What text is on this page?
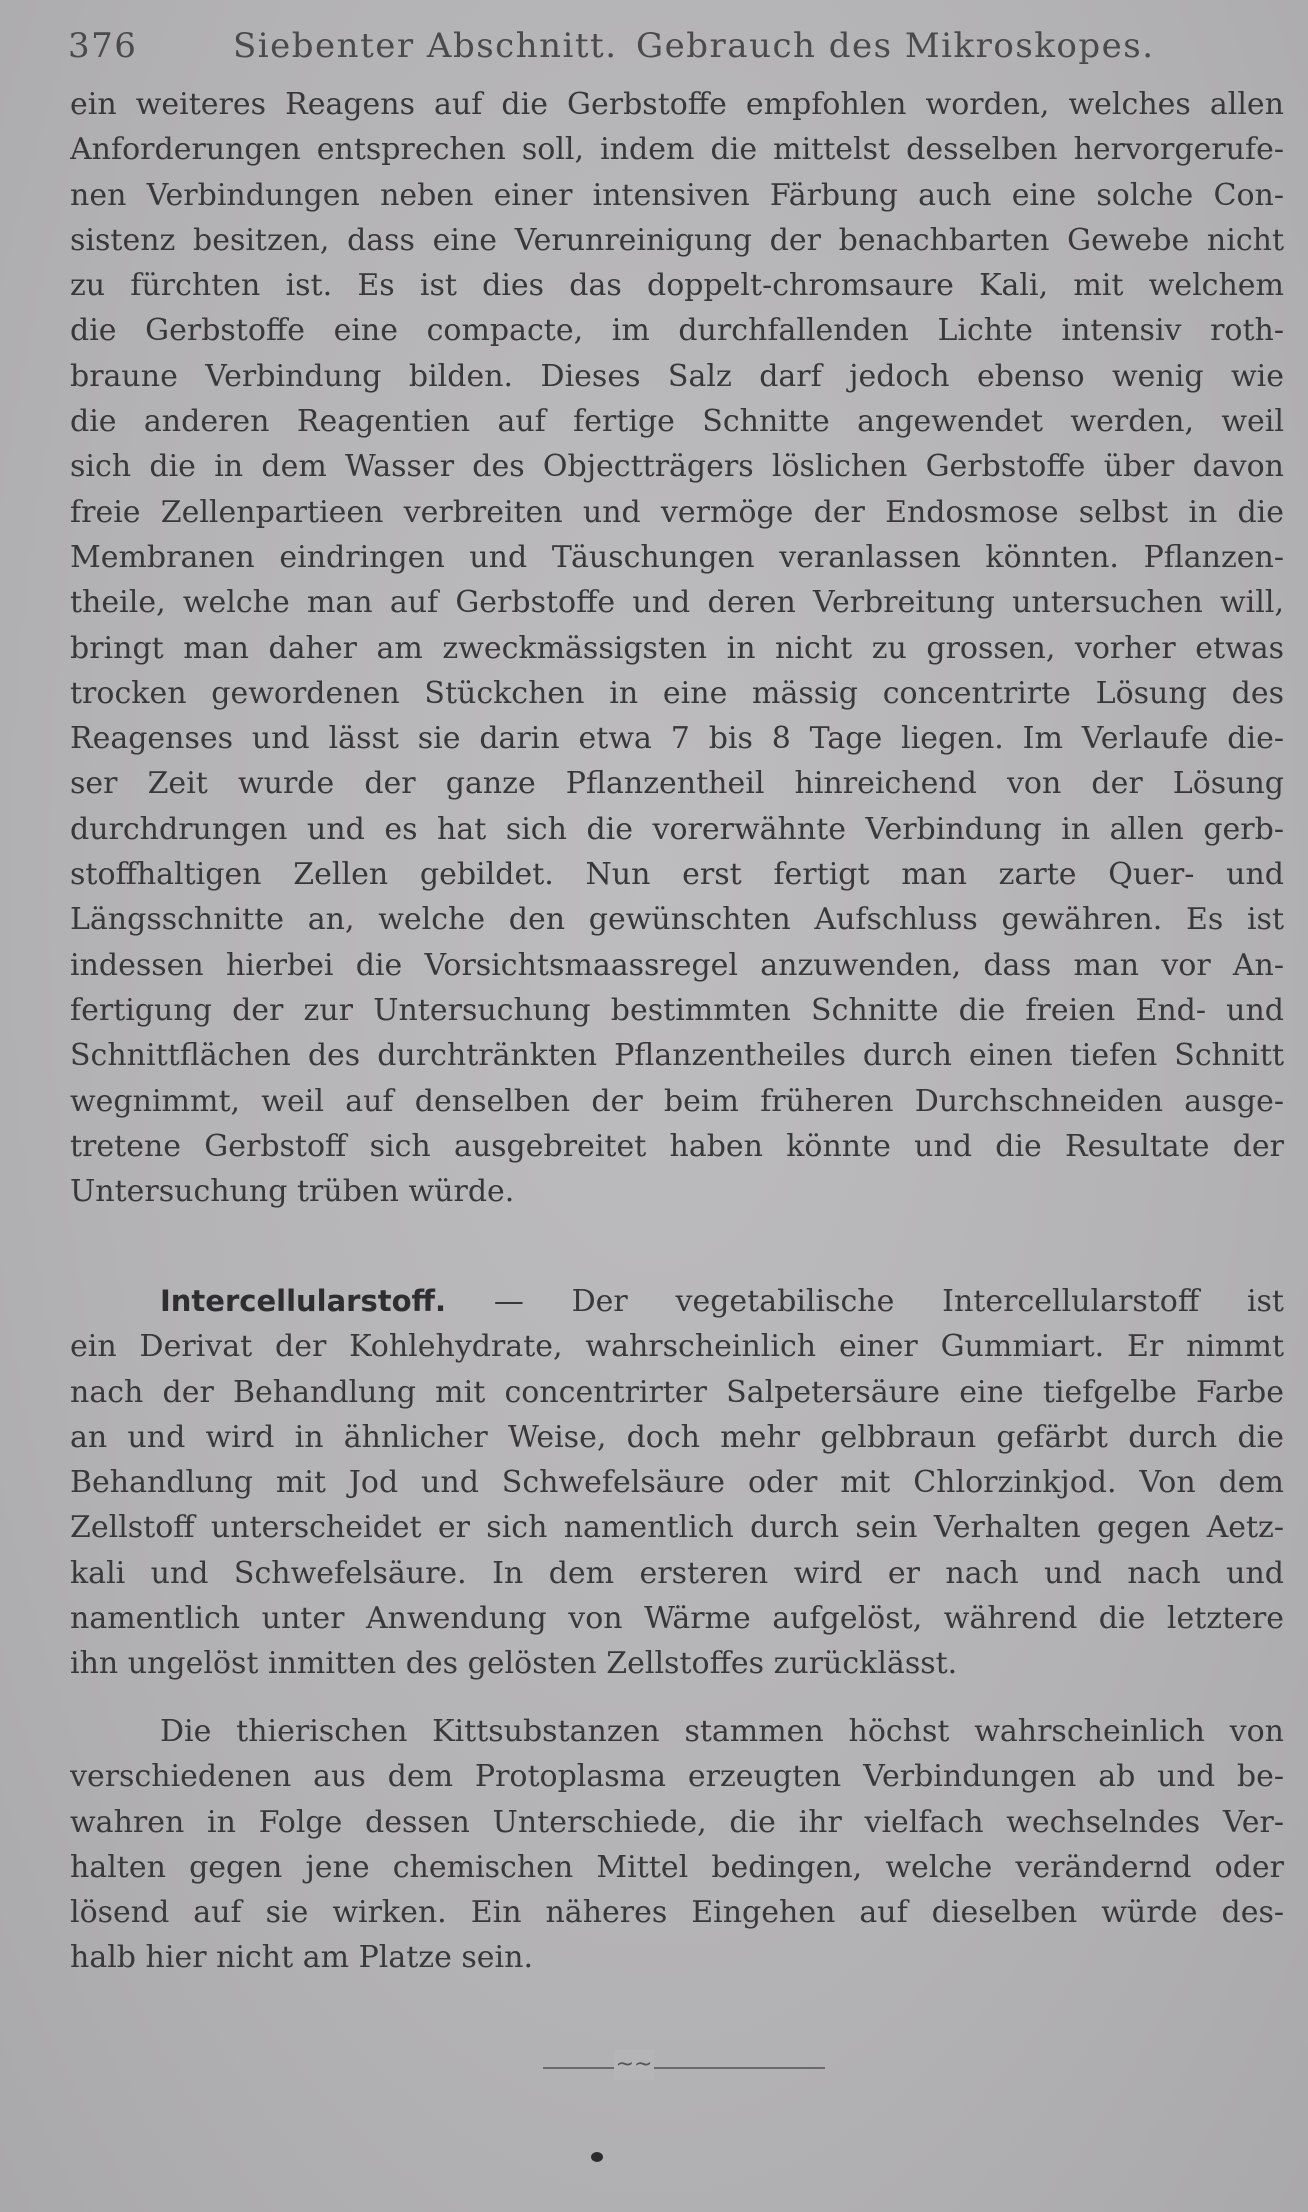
376	Siebenter Abschnitt. Gebrauch des Mikroskopes.
ein weiteres Reagens auf die Gerbstoffe empfohlen worden, welches allen
Anforderungen entsprechen soll, indem die mittelst desselben hervorgerufe-
nen Verbindungen neben einer intensiven Färbung auch eine solche Con-
sistenz besitzen, dass eine Verunreinigung der benachbarten Gewebe nicht
zu fürchten ist. Es ist dies das doppelt-chromsaure Kali, mit welchem
die Gerbstoffe eine compacte, im durchfallenden Lichte intensiv roth-
braune Verbindung bilden. Dieses Salz darf jedoch ebenso wenig wie
die anderen Reagentien auf fertige Schnitte angewendet werden, weil
sich die in dem Wasser des Objectträgers löslichen Gerbstoffe über davon
freie Zellenpartieen verbreiten und vermöge der Endosmose selbst in die
Membranen eindringen und Täuschungen veranlassen könnten. Pflanzen-
theile, welche man auf Gerbstoffe und deren Verbreitung untersuchen will,
bringt man daher am zweckmässigsten in nicht zu grossen, vorher etwas
trocken gewordenen Stückchen in eine mässig concentrirte Lösung des
Reagenses und lässt sie darin etwa 7 bis 8 Tage liegen. Im Verlaufe die-
ser Zeit wurde der ganze Pflanzentheil hinreichend von der Lösung
durchdrungen und es hat sich die vorerwähnte Verbindung in allen gerb-
stoffhaltigen Zellen gebildet. Nun erst fertigt man zarte Quer- und
Längsschnitte an, welche den gewünschten Aufschluss gewähren. Es ist
indessen hierbei die Vorsichtsmaassregel anzuwenden, dass man vor An-
fertigung der zur Untersuchung bestimmten Schnitte die freien End- und
Schnittflächen des durchtränkten Pflanzentheiles durch einen tiefen Schnitt
wegnimmt, weil auf denselben der beim früheren Durchschneiden ausge-
tretene Gerbstoff sich ausgebreitet haben könnte und die Resultate der
Untersuchung trüben würde.
Intercellularstoff. — Der vegetabilische Intercellularstoff ist
ein Derivat der Kohlehydrate, wahrscheinlich einer Gummiart. Er nimmt
nach der Behandlung mit concentrirter Salpetersäure eine tiefgelbe Farbe
an und wird in ähnlicher Weise, doch mehr gelbbraun gefärbt durch die
Behandlung mit Jod und Schwefelsäure oder mit Chlorzinkjod. Von dem
Zellstoff unterscheidet er sich namentlich durch sein Verhalten gegen Aetz-
kali und Schwefelsäure. In dem ersteren wird er nach und nach und
namentlich unter Anwendung von Wärme aufgelöst, während die letztere
ihn ungelöst inmitten des gelösten Zellstoffes zurücklässt.
Die thierischen Kittsubstanzen stammen höchst wahrscheinlich von
verschiedenen aus dem Protoplasma erzeugten Verbindungen ab und be-
wahren in Folge dessen Unterschiede, die ihr vielfach wechselndes Ver-
halten gegen jene chemischen Mittel bedingen, welche verändernd oder
lösend auf sie wirken. Ein näheres Eingehen auf dieselben würde des-
halb hier nicht am Platze sein.
~~
